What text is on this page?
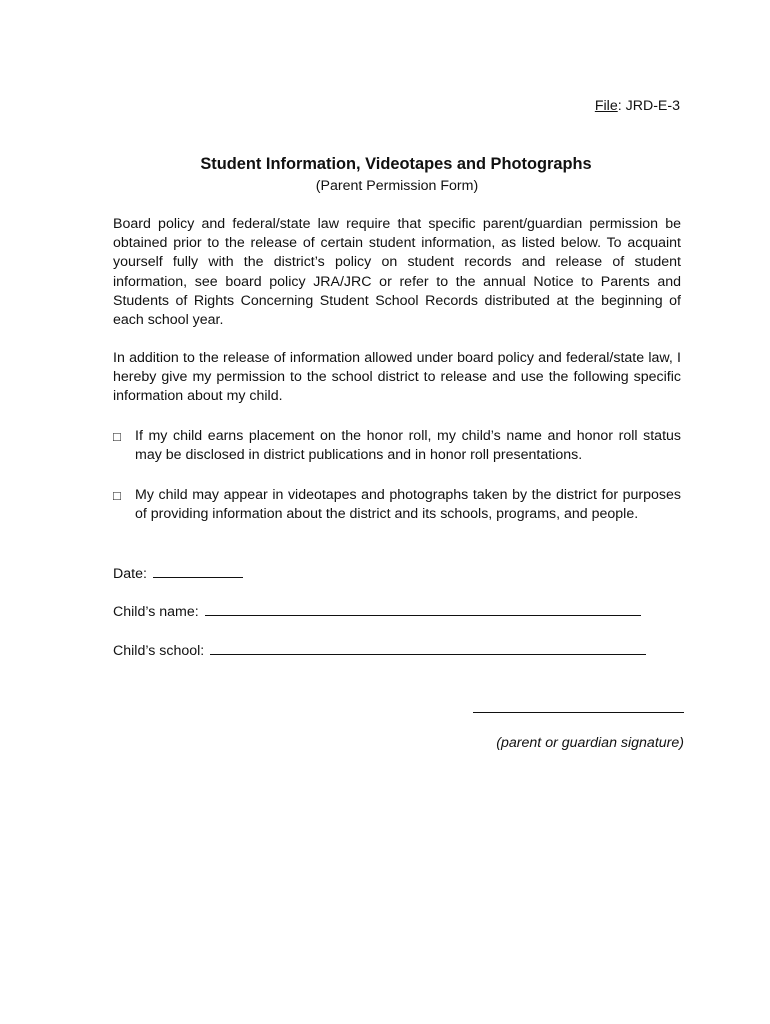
File: JRD-E-3
Student Information, Videotapes and Photographs
(Parent Permission Form)

Board policy and federal/state law require that specific parent/guardian permission be obtained prior to the release of certain student information, as listed below. To acquaint yourself fully with the district’s policy on student records and release of student information, see board policy JRA/JRC or refer to the annual Notice to Parents and Students of Rights Concerning Student School Records distributed at the beginning of each school year.

In addition to the release of information allowed under board policy and federal/state law, I hereby give my permission to the school district to release and use the following specific information about my child.

□ If my child earns placement on the honor roll, my child’s name and honor roll status may be disclosed in district publications and in honor roll presentations.
□ My child may appear in videotapes and photographs taken by the district for purposes of providing information about the district and its schools, programs, and people.
Date:
Child’s name:
Child’s school:
(parent or guardian signature)
